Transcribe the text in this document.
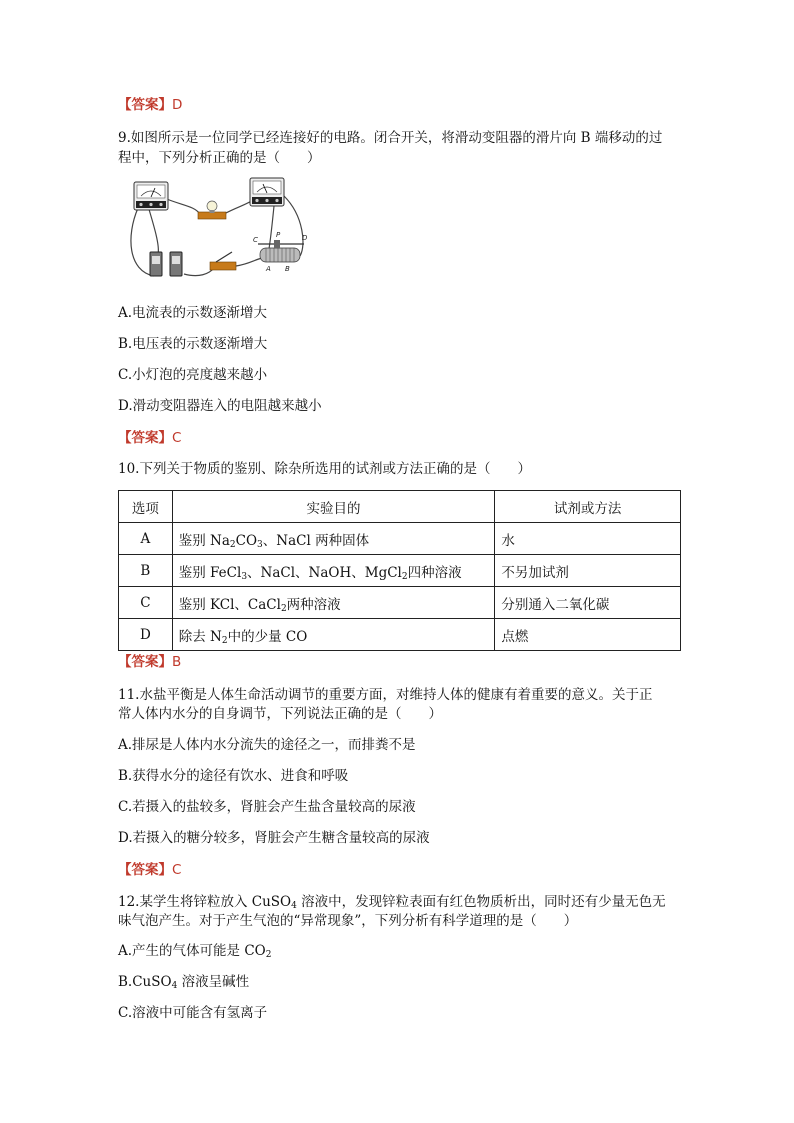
【答案】D
9.如图所示是一位同学已经连接好的电路。闭合开关，将滑动变阻器的滑片向 B 端移动的过
程中，下列分析正确的是（　　）
C
P	D
A B
A.电流表的示数逐渐增大
B.电压表的示数逐渐增大
C.小灯泡的亮度越来越小
D.滑动变阻器连入的电阻越来越小
【答案】C
10.下列关于物质的鉴别、除杂所选用的试剂或方法正确的是（　　）
选项	实验目的	试剂或方法
A	鉴别 $Na_2CO_3$、NaCl 两种固体	水
B	鉴别 FeCl$_3$、NaCl、NaOH、MgCl$_2$四种溶液	不另加试剂
C	鉴别 KCl、CaCl$_2$两种溶液	分别通入二氧化碳
D	除去 $N_2$中的少量 CO	点燃
【答案】B
11.水盐平衡是人体生命活动调节的重要方面，对维持人体的健康有着重要的意义。关于正
常人体内水分的自身调节，下列说法正确的是（　　）
A.排尿是人体内水分流失的途径之一，而排粪不是
B.获得水分的途径有饮水、进食和呼吸
C.若摄入的盐较多，肾脏会产生盐含量较高的尿液
D.若摄入的糖分较多，肾脏会产生糖含量较高的尿液
【答案】C
12.某学生将锌粒放入 CuSO$_4$ 溶液中，发现锌粒表面有红色物质析出，同时还有少量无色无
味气泡产生。对于产生气泡的“异常现象”，下列分析有科学道理的是（　　）
A.产生的气体可能是 $CO_2$
B.CuSO$_4$ 溶液呈碱性
C.溶液中可能含有氢离子
